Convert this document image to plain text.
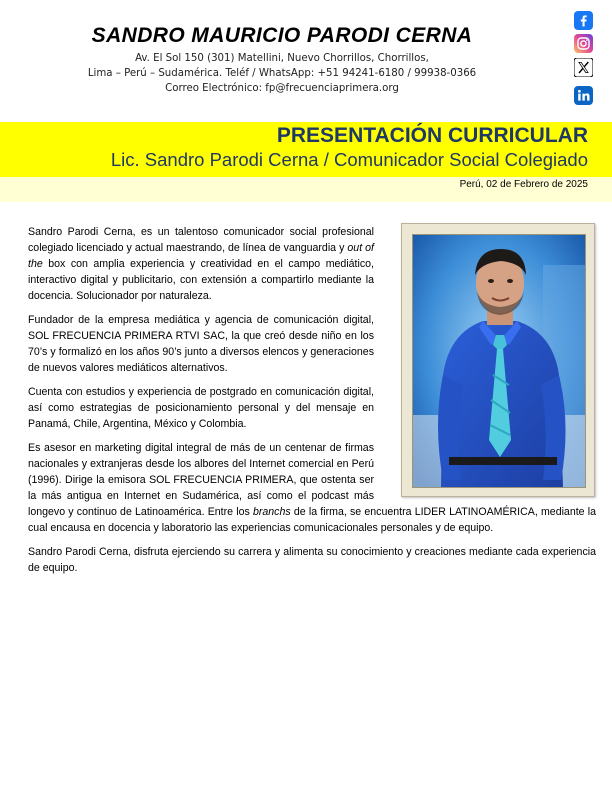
SANDRO MAURICIO PARODI CERNA
Av. El Sol 150 (301) Matellini, Nuevo Chorrillos, Chorrillos,
Lima – Perú – Sudamérica. Teléf / WhatsApp: +51 94241-6180 / 99938-0366
Correo Electrónico: fp@frecuenciaprimera.org
PRESENTACIÓN CURRICULAR
Lic. Sandro Parodi Cerna / Comunicador Social Colegiado
Perú, 02 de Febrero de 2025

Sandro Parodi Cerna, es un talentoso comunicador social profesional colegiado licenciado y actual maestrando, de línea de vanguardia y out of the box con amplia experiencia y creatividad en el campo mediático, interactivo digital y publicitario, con extensión a compartirlo mediante la docencia. Solucionador por naturaleza.

Fundador de la empresa mediática y agencia de comunicación digital, SOL FRECUENCIA PRIMERA RTVI SAC, la que creó desde niño en los 70’s y formalizó en los años 90’s junto a diversos elencos y generaciones de nuevos valores mediáticos alternativos.

Cuenta con estudios y experiencia de postgrado en comunicación digital, así como estrategias de posicionamiento personal y del mensaje en Panamá, Chile, Argentina, México y Colombia.

Es asesor en marketing digital integral de más de un centenar de firmas nacionales y extranjeras desde los albores del Internet comercial en Perú (1996). Dirige la emisora SOL FRECUENCIA PRIMERA, que ostenta ser la más antigua en Internet en Sudamérica, así como el podcast más longevo y continuo de Latinoamérica. Entre los branchs de la firma, se encuentra LIDER LATINOAMÉRICA, mediante la cual encausa en docencia y laboratorio las experiencias comunicacionales personales y de equipo.

Sandro Parodi Cerna, disfruta ejerciendo su carrera y alimenta su conocimiento y creaciones mediante cada experiencia de equipo.
